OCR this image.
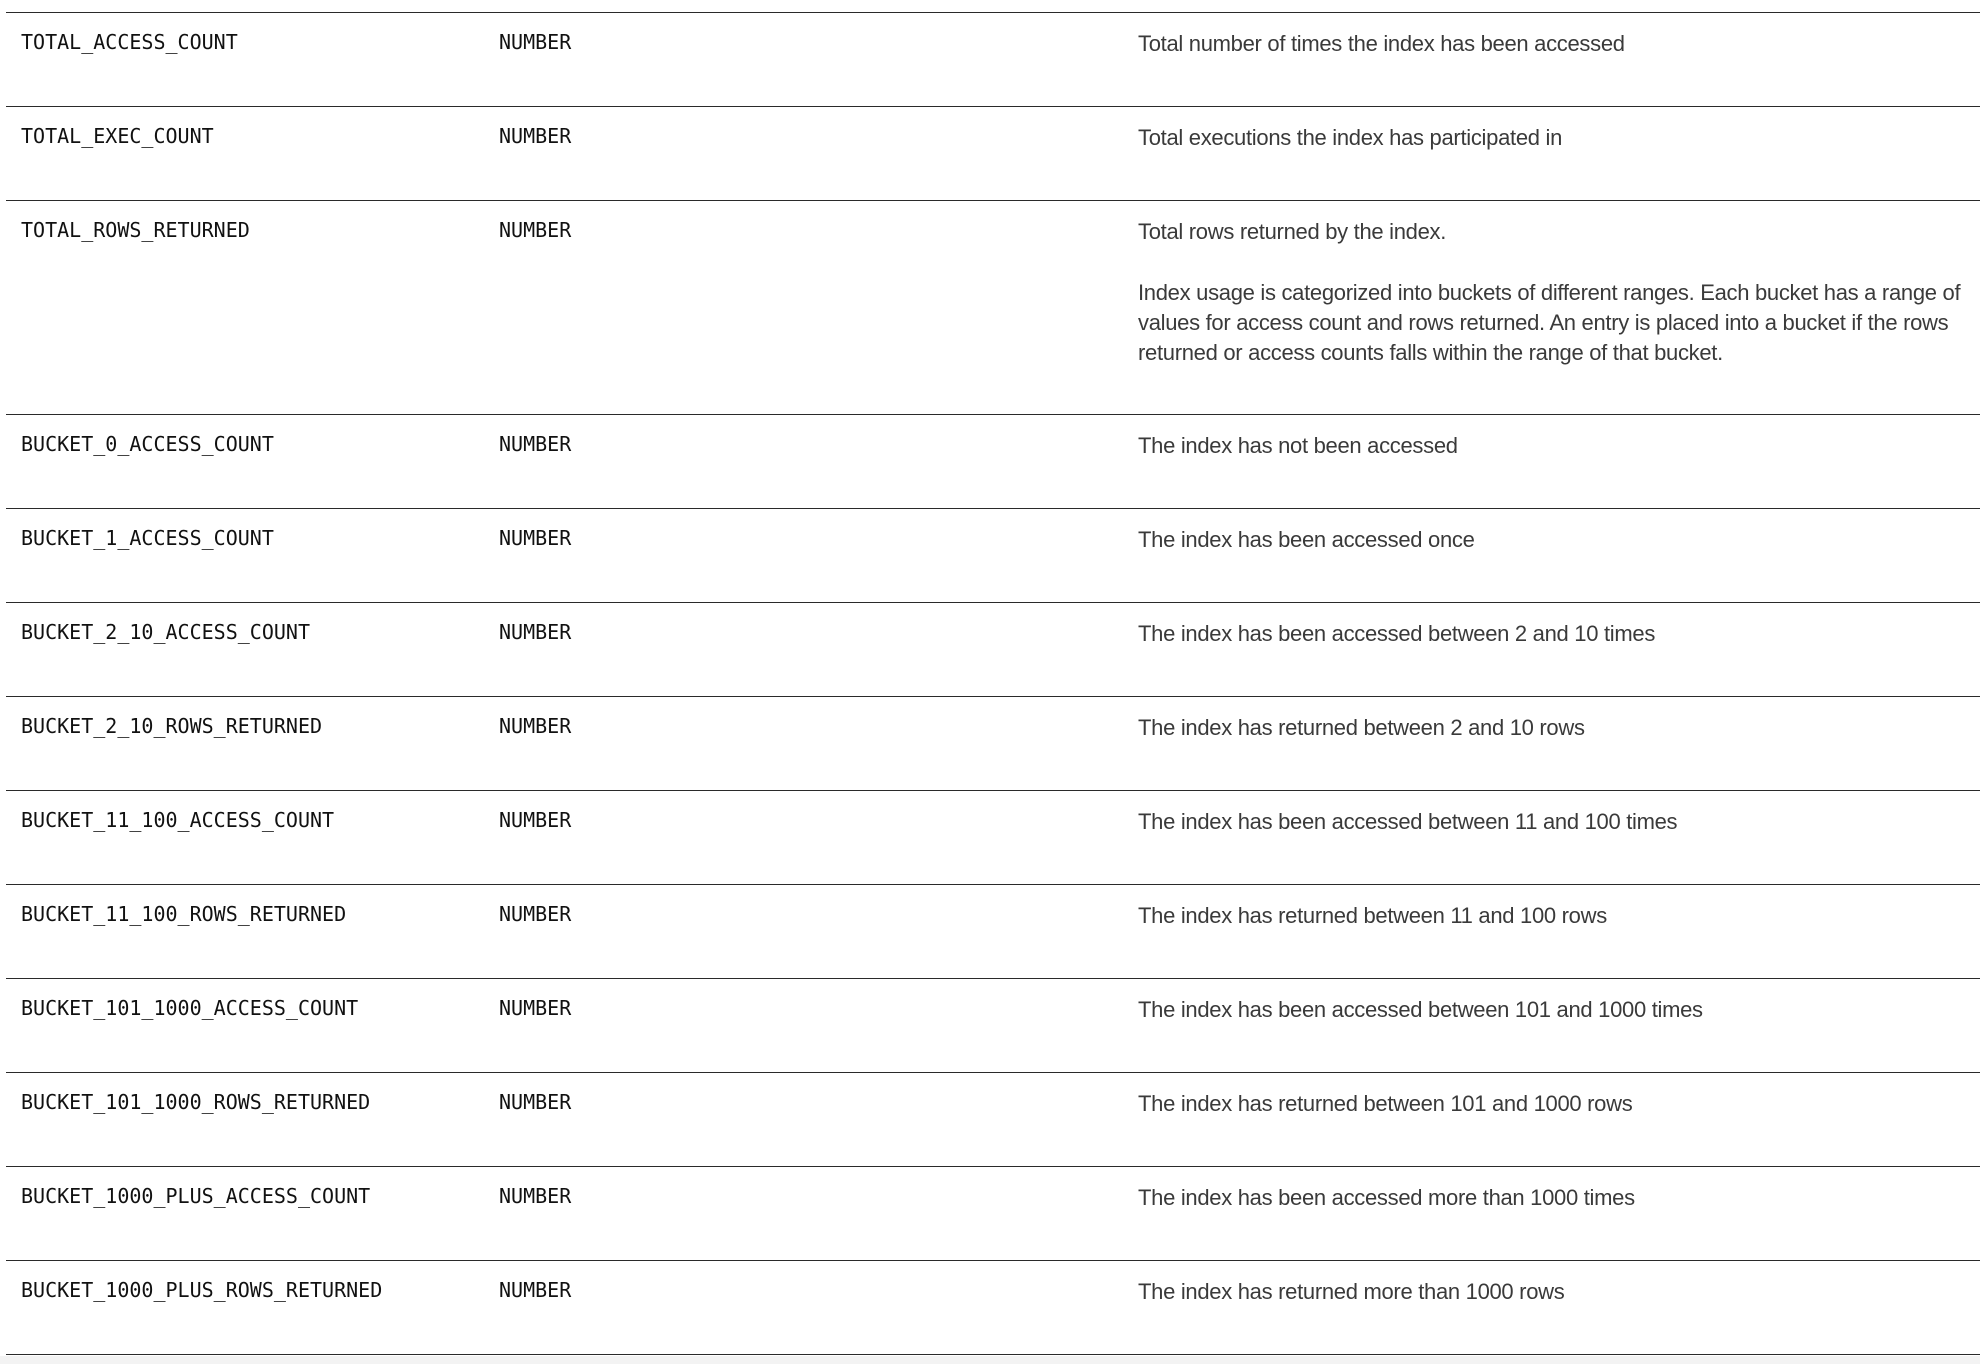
TOTAL_ACCESS_COUNT	NUMBER	Total number of times the index has been accessed

TOTAL_EXEC_COUNT	NUMBER	Total executions the index has participated in

TOTAL_ROWS_RETURNED	NUMBER	Total rows returned by the index.

Index usage is categorized into buckets of different ranges. Each bucket has a range of values for access count and rows returned. An entry is placed into a bucket if the rows returned or access counts falls within the range of that bucket.

BUCKET_0_ACCESS_COUNT	NUMBER	The index has not been accessed

BUCKET_1_ACCESS_COUNT	NUMBER	The index has been accessed once

BUCKET_2_10_ACCESS_COUNT	NUMBER	The index has been accessed between 2 and 10 times

BUCKET_2_10_ROWS_RETURNED	NUMBER	The index has returned between 2 and 10 rows

BUCKET_11_100_ACCESS_COUNT	NUMBER	The index has been accessed between 11 and 100 times

BUCKET_11_100_ROWS_RETURNED	NUMBER	The index has returned between 11 and 100 rows

BUCKET_101_1000_ACCESS_COUNT	NUMBER	The index has been accessed between 101 and 1000 times

BUCKET_101_1000_ROWS_RETURNED	NUMBER	The index has returned between 101 and 1000 rows

BUCKET_1000_PLUS_ACCESS_COUNT	NUMBER	The index has been accessed more than 1000 times

BUCKET_1000_PLUS_ROWS_RETURNED	NUMBER	The index has returned more than 1000 rows
